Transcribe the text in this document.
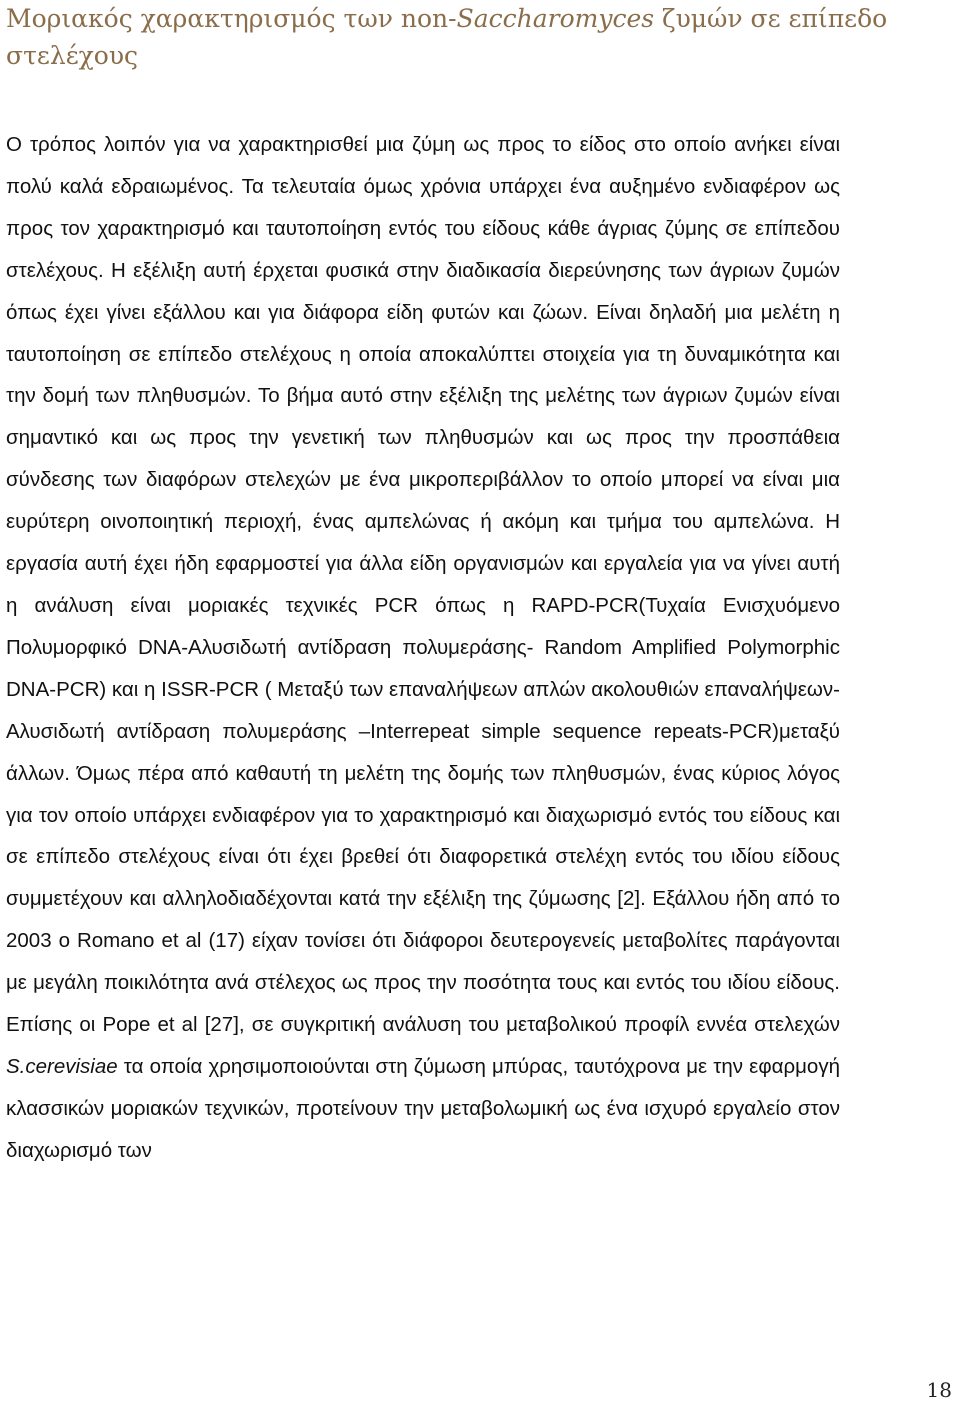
Μοριακός χαρακτηρισμός των non-Saccharomyces ζυμών σε επίπεδο στελέχους

Ο τρόπος λοιπόν για να χαρακτηρισθεί μια ζύμη ως προς το είδος στο οποίο ανήκει είναι πολύ καλά εδραιωμένος. Τα τελευταία όμως χρόνια υπάρχει ένα αυξημένο ενδιαφέρον ως προς τον χαρακτηρισμό και ταυτοποίηση εντός του είδους κάθε άγριας ζύμης σε επίπεδου στελέχους. Η εξέλιξη αυτή έρχεται φυσικά στην διαδικασία διερεύνησης των άγριων ζυμών όπως έχει γίνει εξάλλου και για διάφορα είδη φυτών και ζώων. Είναι δηλαδή μια μελέτη η ταυτοποίηση σε επίπεδο στελέχους η οποία αποκαλύπτει στοιχεία για τη δυναμικότητα και την δομή των πληθυσμών. Το βήμα αυτό στην εξέλιξη της μελέτης των άγριων ζυμών είναι σημαντικό και ως προς την γενετική των πληθυσμών και ως προς την προσπάθεια σύνδεσης των διαφόρων στελεχών με ένα μικροπεριβάλλον το οποίο μπορεί να είναι μια ευρύτερη οινοποιητική περιοχή, ένας αμπελώνας ή ακόμη και τμήμα του αμπελώνα. Η εργασία αυτή έχει ήδη εφαρμοστεί για άλλα είδη οργανισμών και εργαλεία για να γίνει αυτή η ανάλυση είναι μοριακές τεχνικές PCR όπως η RAPD-PCR(Τυχαία Ενισχυόμενο Πολυμορφικό DNA-Αλυσιδωτή αντίδραση πολυμεράσης- Random Amplified Polymorphic DNA-PCR) και η ISSR-PCR ( Μεταξύ των επαναλήψεων απλών ακολουθιών επαναλήψεων-Αλυσιδωτή αντίδραση πολυμεράσης –Interrepeat simple sequence repeats-PCR)μεταξύ άλλων. Όμως πέρα από καθαυτή τη μελέτη της δομής των πληθυσμών, ένας κύριος λόγος για τον οποίο υπάρχει ενδιαφέρον για το χαρακτηρισμό και διαχωρισμό εντός του είδους και σε επίπεδο στελέχους είναι ότι έχει βρεθεί ότι διαφορετικά στελέχη εντός του ιδίου είδους συμμετέχουν και αλληλοδιαδέχονται κατά την εξέλιξη της ζύμωσης [2]. Εξάλλου ήδη από το 2003 ο Romano et al (17) είχαν τονίσει ότι διάφοροι δευτερογενείς μεταβολίτες παράγονται με μεγάλη ποικιλότητα ανά στέλεχος ως προς την ποσότητα τους και εντός του ιδίου είδους. Επίσης οι Pope et al [27], σε συγκριτική ανάλυση του μεταβολικού προφίλ εννέα στελεχών S.cerevisiae τα οποία χρησιμοποιούνται στη ζύμωση μπύρας, ταυτόχρονα με την εφαρμογή κλασσικών μοριακών τεχνικών, προτείνουν την μεταβολωμική ως ένα ισχυρό εργαλείο στον διαχωρισμό των

18
